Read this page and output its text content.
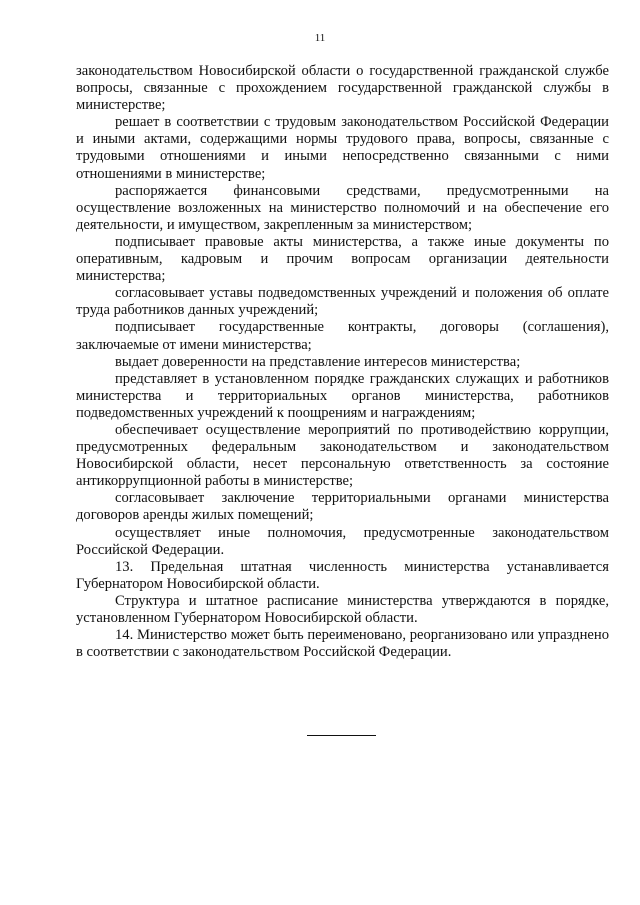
11

законодательством Новосибирской области о государственной гражданской службе вопросы, связанные с прохождением государственной гражданской службы в министерстве;

решает в соответствии с трудовым законодательством Российской Федерации и иными актами, содержащими нормы трудового права, вопросы, связанные с трудовыми отношениями и иными непосредственно связанными с ними отношениями в министерстве;

распоряжается финансовыми средствами, предусмотренными на осуществление возложенных на министерство полномочий и на обеспечение его деятельности, и имуществом, закрепленным за министерством;

подписывает правовые акты министерства, а также иные документы по оперативным, кадровым и прочим вопросам организации деятельности министерства;

согласовывает уставы подведомственных учреждений и положения об оплате труда работников данных учреждений;

подписывает государственные контракты, договоры (соглашения), заключаемые от имени министерства;

выдает доверенности на представление интересов министерства;

представляет в установленном порядке гражданских служащих и работников министерства и территориальных органов министерства, работников подведомственных учреждений к поощрениям и награждениям;

обеспечивает осуществление мероприятий по противодействию коррупции, предусмотренных федеральным законодательством и законодательством Новосибирской области, несет персональную ответственность за состояние антикоррупционной работы в министерстве;

согласовывает заключение территориальными органами министерства договоров аренды жилых помещений;

осуществляет иные полномочия, предусмотренные законодательством Российской Федерации.

13. Предельная штатная численность министерства устанавливается Губернатором Новосибирской области.

Структура и штатное расписание министерства утверждаются в порядке, установленном Губернатором Новосибирской области.

14. Министерство может быть переименовано, реорганизовано или упразднено в соответствии с законодательством Российской Федерации.
